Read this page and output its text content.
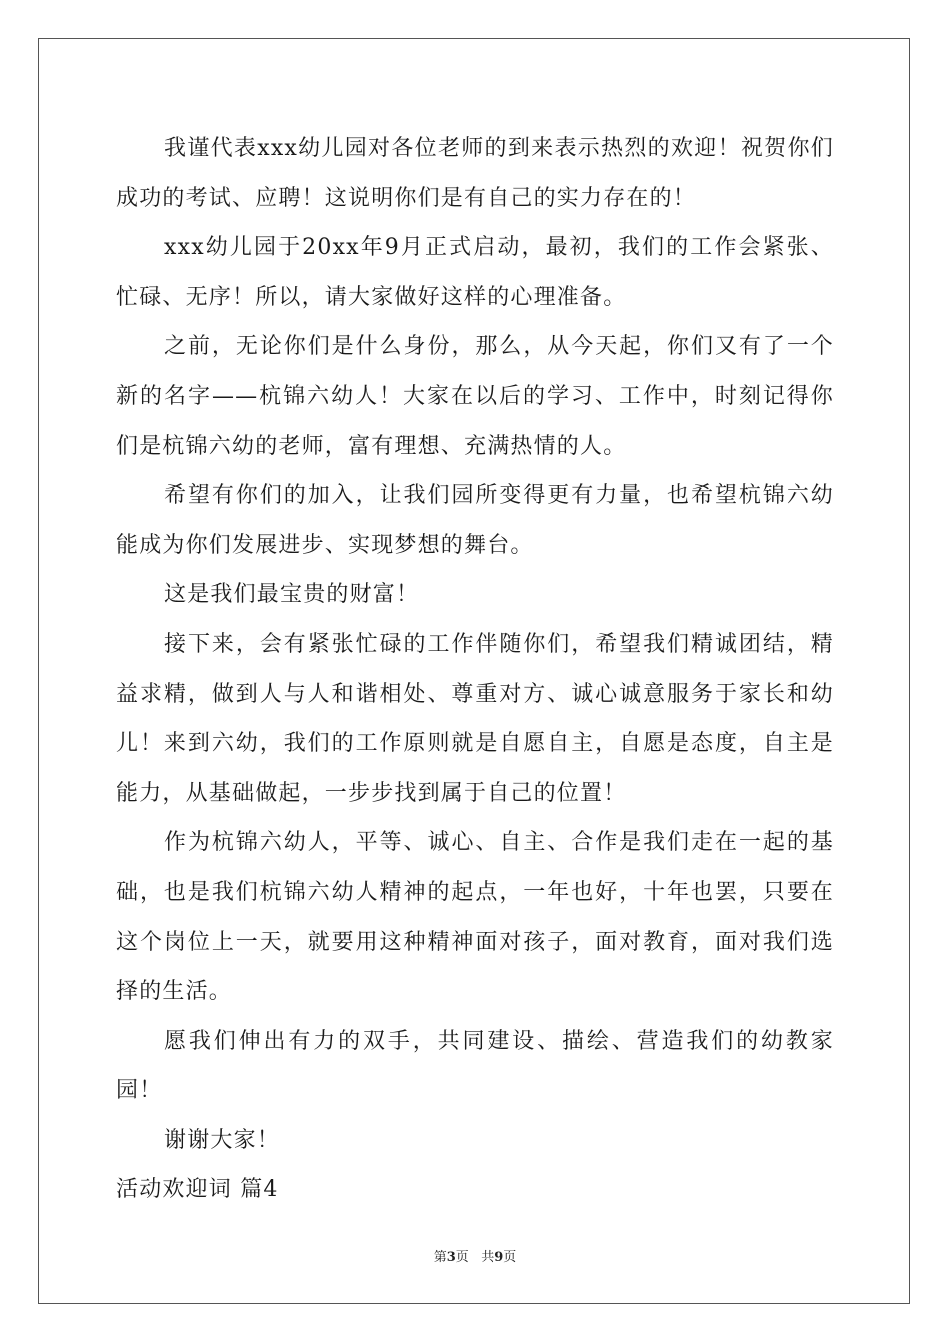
我谨代表xxx幼儿园对各位老师的到来表示热烈的欢迎！祝贺你们成功的考试、应聘！这说明你们是有自己的实力存在的！

xxx幼儿园于20xx年9月正式启动，最初，我们的工作会紧张、忙碌、无序！所以，请大家做好这样的心理准备。

之前，无论你们是什么身份，那么，从今天起，你们又有了一个新的名字——杭锦六幼人！大家在以后的学习、工作中，时刻记得你们是杭锦六幼的老师，富有理想、充满热情的人。

希望有你们的加入，让我们园所变得更有力量，也希望杭锦六幼能成为你们发展进步、实现梦想的舞台。

这是我们最宝贵的财富！

接下来，会有紧张忙碌的工作伴随你们，希望我们精诚团结，精益求精，做到人与人和谐相处、尊重对方、诚心诚意服务于家长和幼儿！来到六幼，我们的工作原则就是自愿自主，自愿是态度，自主是能力，从基础做起，一步步找到属于自己的位置！

作为杭锦六幼人，平等、诚心、自主、合作是我们走在一起的基础，也是我们杭锦六幼人精神的起点，一年也好，十年也罢，只要在这个岗位上一天，就要用这种精神面对孩子，面对教育，面对我们选择的生活。

愿我们伸出有力的双手，共同建设、描绘、营造我们的幼教家园！

谢谢大家！

活动欢迎词 篇4

第3页 共9页
